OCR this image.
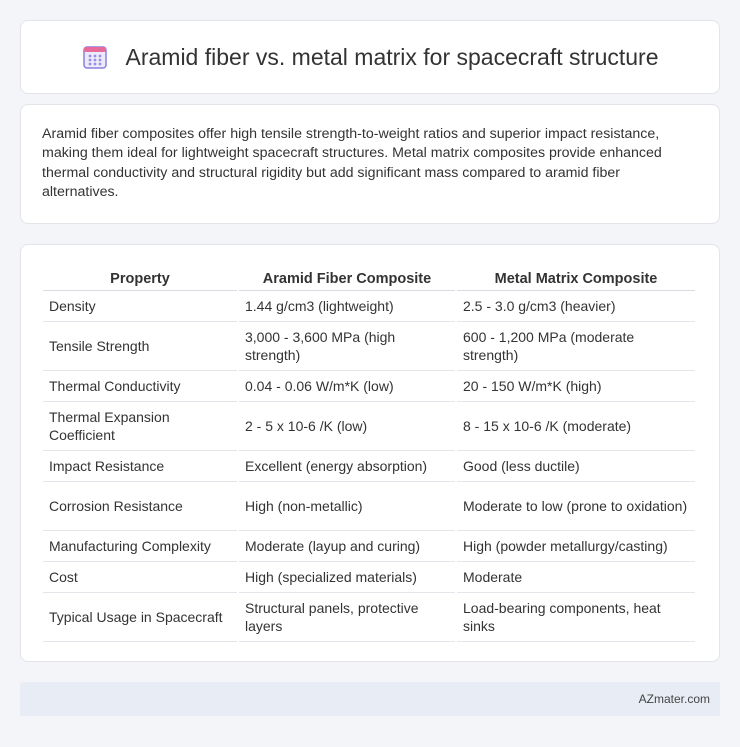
Aramid fiber vs. metal matrix for spacecraft structure

Aramid fiber composites offer high tensile strength-to-weight ratios and superior impact resistance, making them ideal for lightweight spacecraft structures. Metal matrix composites provide enhanced thermal conductivity and structural rigidity but add significant mass compared to aramid fiber alternatives.

Property	Aramid Fiber Composite	Metal Matrix Composite
Density	1.44 g/cm3 (lightweight)	2.5 - 3.0 g/cm3 (heavier)
Tensile Strength	3,000 - 3,600 MPa (high strength)	600 - 1,200 MPa (moderate strength)
Thermal Conductivity	0.04 - 0.06 W/m*K (low)	20 - 150 W/m*K (high)
Thermal Expansion Coefficient	2 - 5 x 10-6 /K (low)	8 - 15 x 10-6 /K (moderate)
Impact Resistance	Excellent (energy absorption)	Good (less ductile)
Corrosion Resistance	High (non-metallic)	Moderate to low (prone to oxidation)
Manufacturing Complexity	Moderate (layup and curing)	High (powder metallurgy/casting)
Cost	High (specialized materials)	Moderate
Typical Usage in Spacecraft	Structural panels, protective layers	Load-bearing components, heat sinks
AZmater.com
